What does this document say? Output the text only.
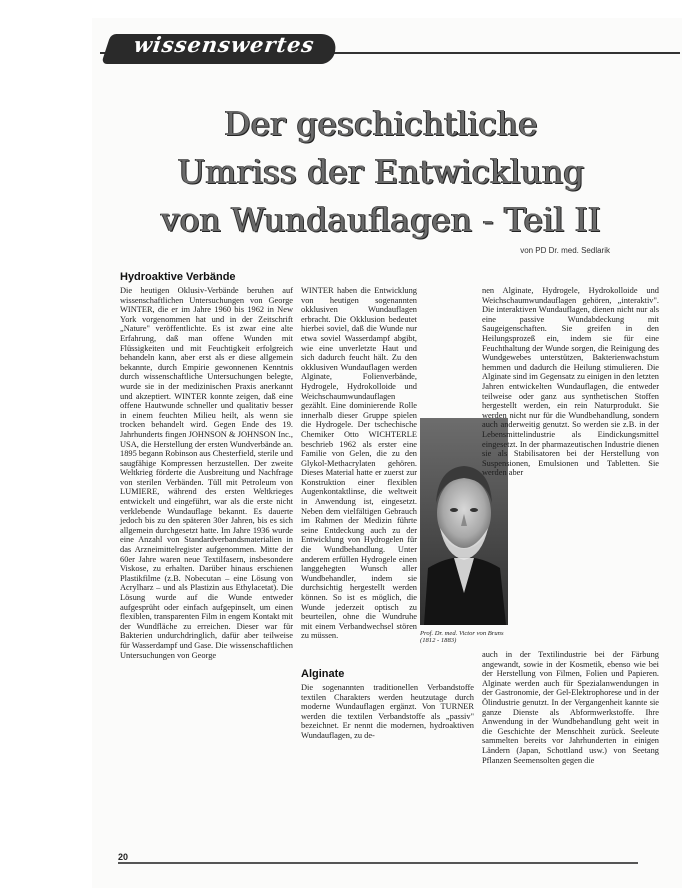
wissenswertes
Der geschichtliche
Umriss der Entwicklung
von Wundauflagen - Teil II
von PD Dr. med. Sedlarik
Hydroaktive Verbände

Die heutigen Oklusiv-Verbände beruhen auf wissenschaftlichen Untersuchungen von George WINTER, die er im Jahre 1960 bis 1962 in New York vorgenommen hat und in der Zeitschrift „Nature" veröffentlichte. Es ist zwar eine alte Erfahrung, daß man offene Wunden mit Flüssigkeiten und mit Feuchtigkeit erfolgreich behandeln kann, aber erst als er diese allgemein bekannte, durch Empirie gewonnenen Kenntnis durch wissenschaftliche Untersuchungen belegte, wurde sie in der medizinischen Praxis anerkannt und akzeptiert. WINTER konnte zeigen, daß eine offene Hautwunde schneller und qualitativ besser in einem feuchten Milieu heilt, als wenn sie trocken behandelt wird. Gegen Ende des 19. Jahrhunderts fingen JOHNSON & JOHNSON Inc., USA, die Herstellung der ersten Wundverbände an. 1895 begann Robinson aus Chesterfield, sterile und saugfähige Kompressen herzustellen. Der zweite Weltkrieg förderte die Ausbreitung und Nachfrage von sterilen Verbänden. Tüll mit Petroleum von LUMIERE, während des ersten Weltkrieges entwickelt und eingeführt, war als die erste nicht verklebende Wundauflage bekannt. Es dauerte jedoch bis zu den späteren 30er Jahren, bis es sich allgemein durchgesetzt hatte. Im Jahre 1936 wurde eine Anzahl von Standardverbandsmaterialien in das Arzneimittelregister aufgenommen. Mitte der 60er Jahre waren neue Textilfasern, insbesondere Viskose, zu erhalten. Darüber hinaus erschienen Plastikfilme (z.B. Nobecutan – eine Lösung von Acrylharz – und als Plastizin aus Ethylacetat). Die Lösung wurde auf die Wunde entweder aufgesprüht oder einfach aufgepinselt, um einen flexiblen, transparenten Film in engem Kontakt mit der Wundfläche zu erreichen. Dieser war für Bakterien undurchdringlich, dafür aber teilweise für Wasserdampf und Gase. Die wissenschaftlichen Untersuchungen von George

WINTER haben die Entwicklung von heutigen sogenannten okklusiven Wundauflagen erbracht. Die Okklusion bedeutet hierbei soviel, daß die Wunde nur etwa soviel Wasserdampf abgibt, wie eine unverletzte Haut und sich dadurch feucht hält. Zu den okklusiven Wundauflagen werden Alginate, Folienverbände, Hydrogele, Hydrokolloide und Weichschaumwundauflagen gezählt. Eine dominierende Rolle innerhalb dieser Gruppe spielen die Hydrogele. Der tschechische Chemiker Otto WICHTERLE beschrieb 1962 als erster eine Familie von Gelen, die zu den Glykol-Methacrylaten gehören. Dieses Material hatte er zuerst zur Konstruktion einer flexiblen Augenkontaktlinse, die weltweit in Anwendung ist, eingesetzt. Neben dem vielfältigen Gebrauch im Rahmen der Medizin führte seine Entdeckung auch zu der Entwicklung von Hydrogelen für die Wundbehandlung. Unter anderem erfüllen Hydrogele einen langgehegten Wunsch aller Wundbehandler, indem sie durchsichtig hergestellt werden können. So ist es möglich, die Wunde jederzeit optisch zu beurteilen, ohne die Wundruhe mit einem Verbandwechsel stören zu müssen.	Prof. Dr. med. Victor von Bruns (1812 - 1883)
Alginate

Die sogenannten traditionellen Verbandstoffe textilen Charakters werden heutzutage durch moderne Wundauflagen ergänzt. Von TURNER werden die textilen Verbandstoffe als „passiv" bezeichnet. Er nennt die modernen, hydroaktiven Wundauflagen, zu de-

nen Alginate, Hydrogele, Hydrokolloide und Weichschaumwundauflagen gehören, „interaktiv". Die interaktiven Wundauflagen, dienen nicht nur als eine passive Wundabdeckung mit Saugeigenschaften. Sie greifen in den Heilungsprozeß ein, indem sie für eine Feuchthaltung der Wunde sorgen, die Reinigung des Wundgewebes unterstützen, Bakterienwachstum hemmen und dadurch die Heilung stimulieren. Die Alginate sind im Gegensatz zu einigen in den letzten Jahren entwickelten Wundauflagen, die entweder teilweise oder ganz aus synthetischen Stoffen hergestellt werden, ein rein Naturprodukt. Sie werden nicht nur für die Wundbehandlung, sondern auch anderweitig genutzt. So werden sie z.B. in der Lebensmittelindustrie als Eindickungsmittel eingesetzt. In der pharmazeutischen Industrie dienen sie als Stabilisatoren bei der Herstellung von Suspensionen, Emulsionen und Tabletten. Sie werden aber

auch in der Textilindustrie bei der Färbung angewandt, sowie in der Kosmetik, ebenso wie bei der Herstellung von Filmen, Folien und Papieren. Alginate werden auch für Spezialanwendungen in der Gastronomie, der Gel-Elektrophorese und in der Ölindustrie genutzt. In der Vergangenheit kannte sie ganze Dienste als Abformwerkstoffe. Ihre Anwendung in der Wundbehandlung geht weit in die Geschichte der Menschheit zurück. Seeleute sammelten bereits vor Jahrhunderten in einigen Ländern (Japan, Schottland usw.) von Seetang Pflanzen Seemensolten gegen die

20
